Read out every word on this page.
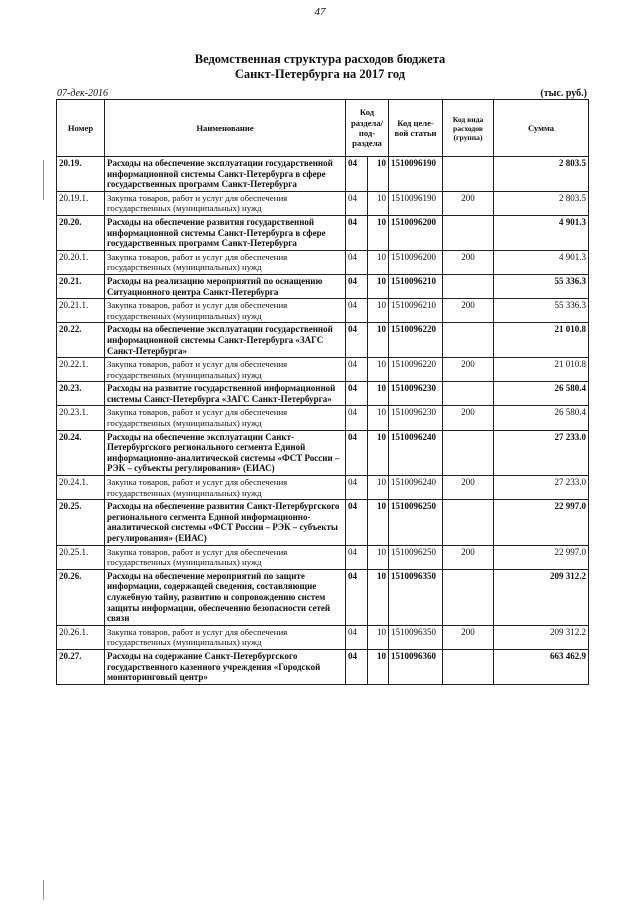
47
Ведомственная структура расходов бюджета
Санкт-Петербурга на 2017 год
07-дек-2016	(тыс. руб.)
Номер	Наименование	Код раздела/ под-раздела		Код целе-вой статьи	Код вида расходов (группа)	Сумма
20.19.	Расходы на обеспечение эксплуатации государственной информационной системы Санкт-Петербурга в сфере государственных программ Санкт-Петербурга	04	10	1510096190		2 803.5
20.19.1.	Закупка товаров, работ и услуг для обеспечения государственных (муниципальных) нужд	04	10	1510096190	200	2 803.5
20.20.	Расходы на обеспечение развития государственной информационной системы Санкт-Петербурга в сфере государственных программ Санкт-Петербурга	04	10	1510096200		4 901.3
20.20.1.	Закупка товаров, работ и услуг для обеспечения государственных (муниципальных) нужд	04	10	1510096200	200	4 901.3
20.21.	Расходы на реализацию мероприятий по оснащению Ситуационного центра Санкт-Петербурга	04	10	1510096210		55 336.3
20.21.1.	Закупка товаров, работ и услуг для обеспечения государственных (муниципальных) нужд	04	10	1510096210	200	55 336.3
20.22.	Расходы на обеспечение эксплуатации государственной информационной системы Санкт-Петербурга «ЗАГС Санкт-Петербурга»	04	10	1510096220		21 010.8
20.22.1.	Закупка товаров, работ и услуг для обеспечения государственных (муниципальных) нужд	04	10	1510096220	200	21 010.8
20.23.	Расходы на развитие государственной информационной системы Санкт-Петербурга «ЗАГС Санкт-Петербурга»	04	10	1510096230		26 580.4
20.23.1.	Закупка товаров, работ и услуг для обеспечения государственных (муниципальных) нужд	04	10	1510096230	200	26 580.4
20.24.	Расходы на обеспечение эксплуатации Санкт-Петербургского регионального сегмента Единой информационно-аналитической системы «ФСТ России – РЭК – субъекты регулирования» (ЕИАС)	04	10	1510096240		27 233.0
20.24.1.	Закупка товаров, работ и услуг для обеспечения государственных (муниципальных) нужд	04	10	1510096240	200	27 233.0
20.25.	Расходы на обеспечение развития Санкт-Петербургского регионального сегмента Единой информационно-аналитической системы «ФСТ России – РЭК – субъекты регулирования» (ЕИАС)	04	10	1510096250		22 997.0
20.25.1.	Закупка товаров, работ и услуг для обеспечения государственных (муниципальных) нужд	04	10	1510096250	200	22 997.0
20.26.	Расходы на обеспечение мероприятий по защите информации, содержащей сведения, составляющие служебную тайну, развитию и сопровождению систем защиты информации, обеспечению безопасности сетей связи	04	10	1510096350		209 312.2
20.26.1.	Закупка товаров, работ и услуг для обеспечения государственных (муниципальных) нужд	04	10	1510096350	200	209 312.2
20.27.	Расходы на содержание Санкт-Петербургского государственного казенного учреждения «Городской мониторинговый центр»	04	10	1510096360		663 462.9
